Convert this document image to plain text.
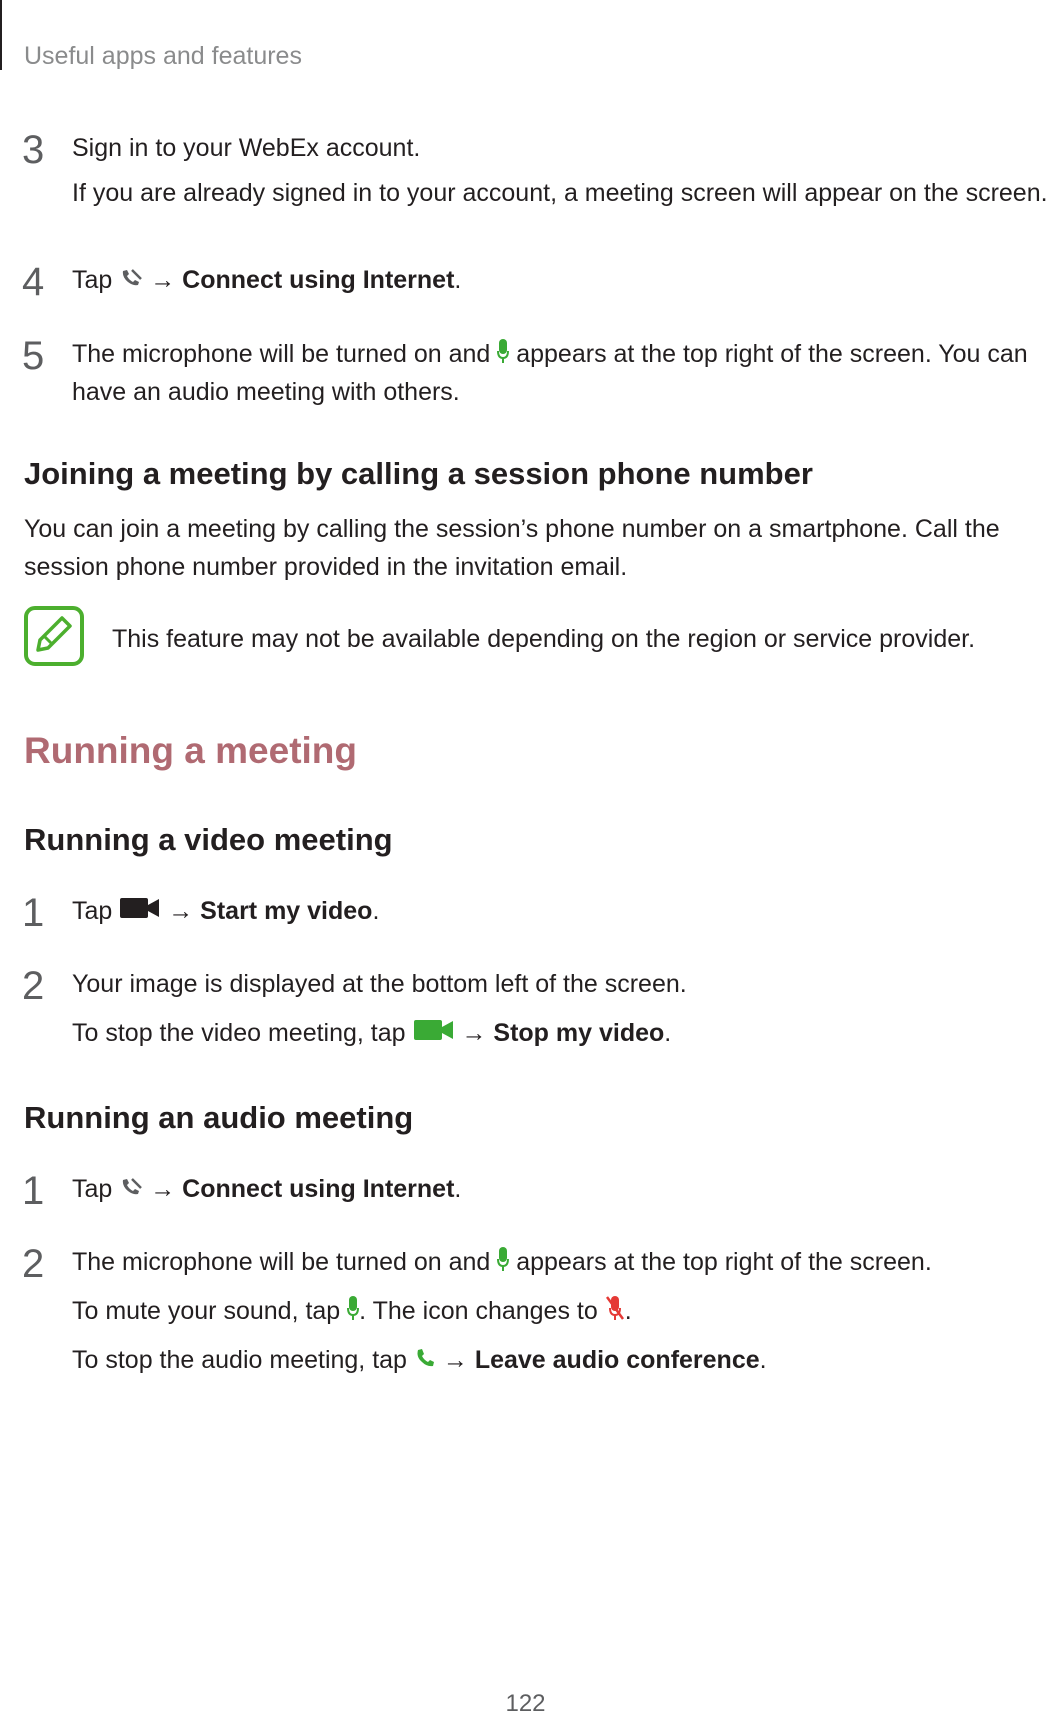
Useful apps and features
3 Sign in to your WebEx account.
If you are already signed in to your account, a meeting screen will appear on the screen.
4 Tap → Connect using Internet.
5 The microphone will be turned on and appears at the top right of the screen. You can
have an audio meeting with others.
Joining a meeting by calling a session phone number
You can join a meeting by calling the session’s phone number on a smartphone. Call the
session phone number provided in the invitation email.
This feature may not be available depending on the region or service provider.
Running a meeting
Running a video meeting
1 Tap → Start my video.
2 Your image is displayed at the bottom left of the screen.
To stop the video meeting, tap → Stop my video.
Running an audio meeting
1 Tap → Connect using Internet.
2 The microphone will be turned on and appears at the top right of the screen.
To mute your sound, tap . The icon changes to .
To stop the audio meeting, tap → Leave audio conference.
122
